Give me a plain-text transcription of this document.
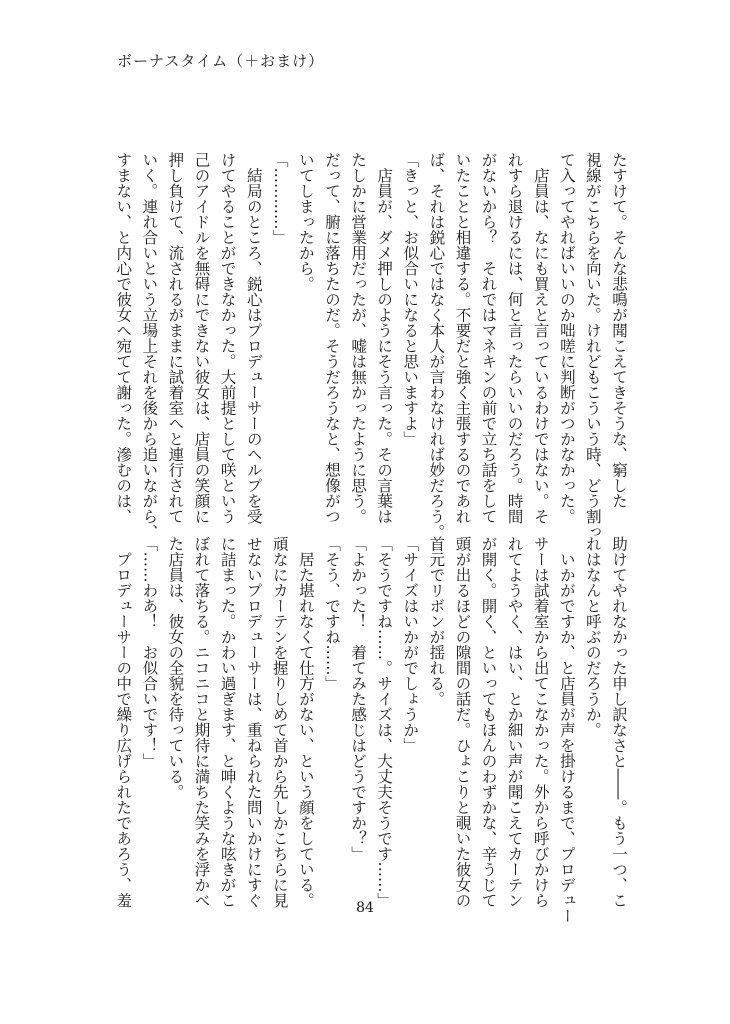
ボーナスタイム（＋おまけ）

たすけて。そんな悲鳴が聞こえてきそうな、窮した

視線がこちらを向いた。けれどもこういう時、どう割っ

て入ってやればいいのか咄嗟に判断がつかなかった。

　店員は、なにも買えと言っているわけではない。そ

れすら退けるには、何と言ったらいいのだろう。時間

がないから？　それではマネキンの前で立ち話をして

いたことと相違する。不要だと強く主張するのであれ

ば、それは鋭心ではなく本人が言わなければ妙だろう。

「きっと、お似合いになると思いますよ」

　店員が、ダメ押しのようにそう言った。その言葉は

たしかに営業用だったが、嘘は無かったように思う。

だって、腑に落ちたのだ。そうだろうなと、想像がつ

いてしまったから。

「…………」

　結局のところ、鋭心はプロデューサーのヘルプを受

けてやることができなかった。大前提として咲という

己のアイドルを無碍にできない彼女は、店員の笑顔に

押し負けて、流されるがままに試着室へと連行されて

いく。連れ合いという立場上それを後から追いながら、

すまない、と内心で彼女へ宛てて謝った。滲むのは、

助けてやれなかった申し訳なさと――。もう一つ、こ

れはなんと呼ぶのだろうか。

　いかがですか、と店員が声を掛けるまで、プロデュー

サーは試着室から出てこなかった。外から呼びかけら

れてようやく、はい、とか細い声が聞こえてカーテン

が開く。開く、といってもほんのわずかな、辛うじて

頭が出るほどの隙間の話だ。ひょこりと覗いた彼女の

首元でリボンが揺れる。

「サイズはいかがでしょうか」

「そうですね……。サイズは、大丈夫そうです……」

「よかった！　着てみた感じはどうですか？」

「そう、ですね……」

　居た堪れなくて仕方がない、という顔をしている。

頑なにカーテンを握りしめて首から先しかこちらに見

せないプロデューサーは、重ねられた問いかけにすぐ

に詰まった。かわい過ぎます、と呻くような呟きがこ

ぼれて落ちる。ニコニコと期待に満ちた笑みを浮かべ

た店員は、彼女の全貌を待っている。

「……わあ！　お似合いです！」

　プロデューサーの中で繰り広げられたであろう、羞	84
